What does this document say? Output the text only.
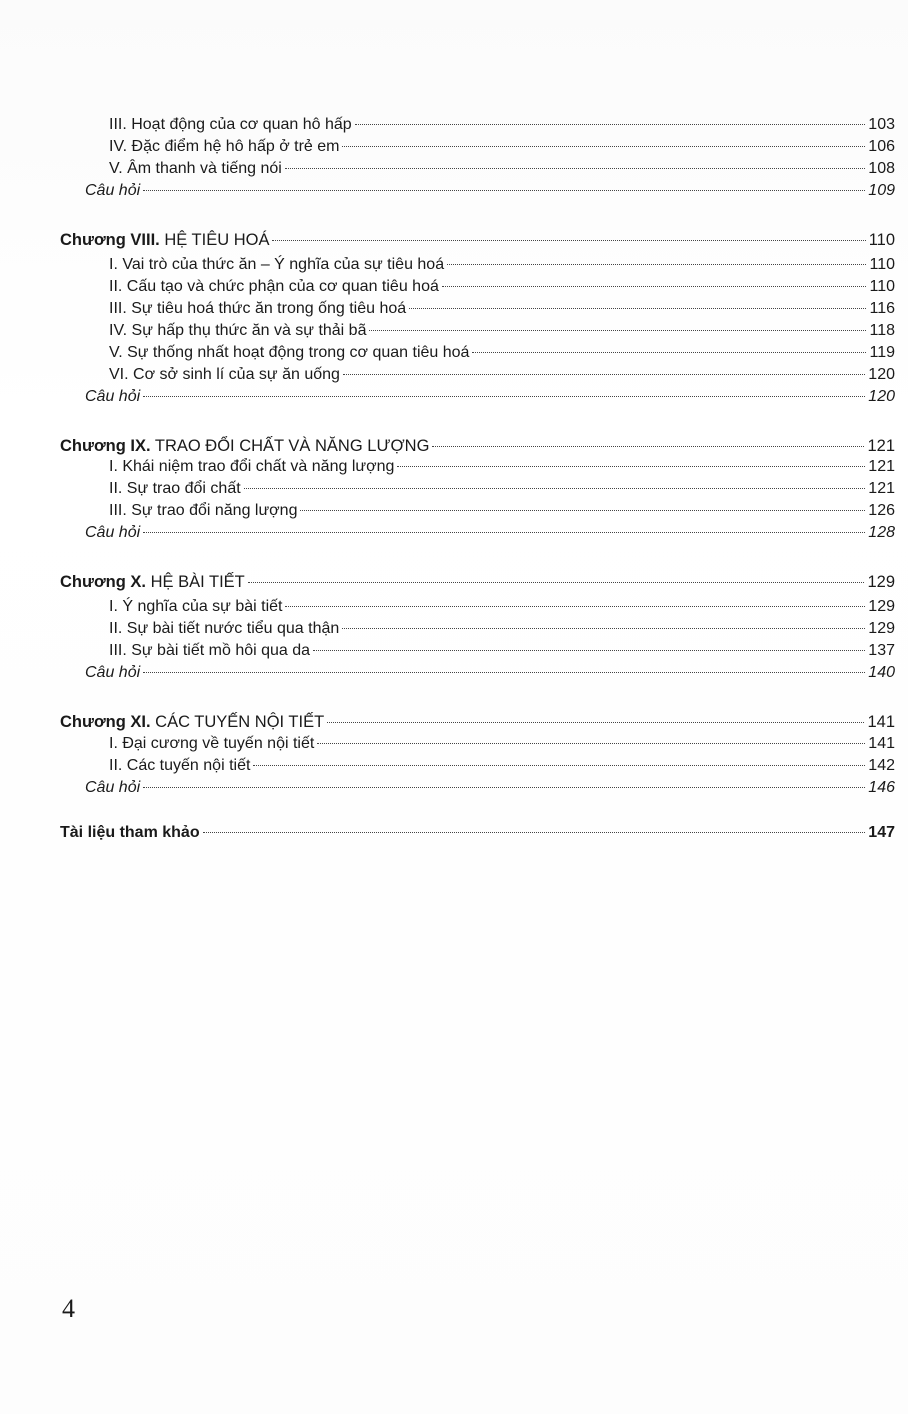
III. Hoạt động của cơ quan hô hấp	103
IV. Đặc điểm hệ hô hấp ở trẻ em	106
V. Âm thanh và tiếng nói	108
Câu hỏi	109
Chương VIII. HỆ TIÊU HOÁ	110
I. Vai trò của thức ăn – Ý nghĩa của sự tiêu hoá	110
II. Cấu tạo và chức phận của cơ quan tiêu hoá	110
III. Sự tiêu hoá thức ăn trong ống tiêu hoá	116
IV. Sự hấp thụ thức ăn và sự thải bã	118
V. Sự thống nhất hoạt động trong cơ quan tiêu hoá	119
VI. Cơ sở sinh lí của sự ăn uống	120
Câu hỏi	120
Chương IX. TRAO ĐỔI CHẤT VÀ NĂNG LƯỢNG	121
I. Khái niệm trao đổi chất và năng lượng	121
II. Sự trao đổi chất	121
III. Sự trao đổi năng lượng	126
Câu hỏi	128
Chương X. HỆ BÀI TIẾT	129
I. Ý nghĩa của sự bài tiết	129
II. Sự bài tiết nước tiểu qua thận	129
III. Sự bài tiết mồ hôi qua da	137
Câu hỏi	140
Chương XI. CÁC TUYẾN NỘI TIẾT	141
I. Đại cương về tuyến nội tiết	141
II. Các tuyến nội tiết	142
Câu hỏi	146
Tài liệu tham khảo	147
4
